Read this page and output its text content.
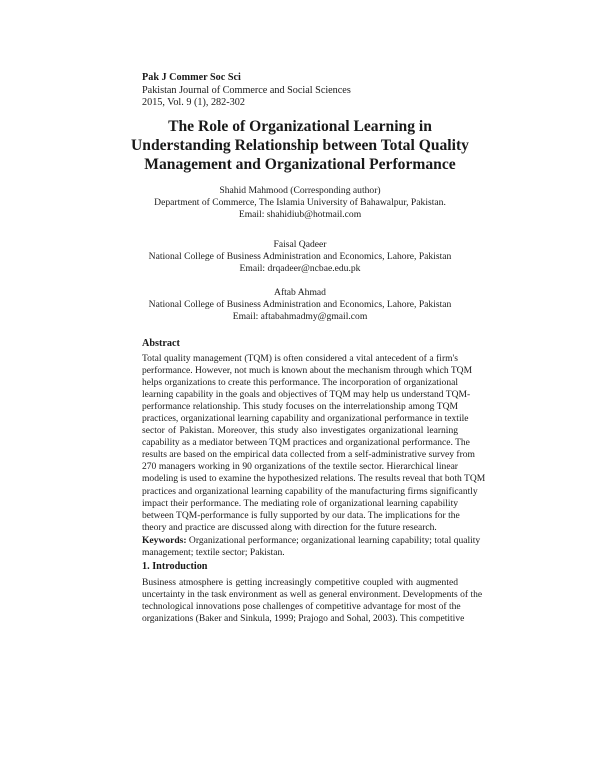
Pak J Commer Soc Sci
Pakistan Journal of Commerce and Social Sciences
2015, Vol. 9 (1), 282-302
The Role of Organizational Learning in
Understanding Relationship between Total Quality
Management and Organizational Performance
Shahid Mahmood (Corresponding author)
Department of Commerce, The Islamia University of Bahawalpur, Pakistan.
Email: shahidiub@hotmail.com
Faisal Qadeer
National College of Business Administration and Economics, Lahore, Pakistan
Email: drqadeer@ncbae.edu.pk
Aftab Ahmad
National College of Business Administration and Economics, Lahore, Pakistan
Email: aftabahmadmy@gmail.com
Abstract
Total quality management (TQM) is often considered a vital antecedent of a firm's
performance. However, not much is known about the mechanism through which TQM
helps organizations to create this performance. The incorporation of organizational
learning capability in the goals and objectives of TQM may help us understand TQM-
performance relationship. This study focuses on the interrelationship among TQM
practices, organizational learning capability and organizational performance in textile
sector of Pakistan. Moreover, this study also investigates organizational learning
capability as a mediator between TQM practices and organizational performance. The
results are based on the empirical data collected from a self-administrative survey from
270 managers working in 90 organizations of the textile sector. Hierarchical linear
modeling is used to examine the hypothesized relations. The results reveal that both TQM
practices and organizational learning capability of the manufacturing firms significantly
impact their performance. The mediating role of organizational learning capability
between TQM-performance is fully supported by our data. The implications for the
theory and practice are discussed along with direction for the future research.
Keywords: Organizational performance; organizational learning capability; total quality
management; textile sector; Pakistan.
1. Introduction
Business atmosphere is getting increasingly competitive coupled with augmented
uncertainty in the task environment as well as general environment. Developments of the
technological innovations pose challenges of competitive advantage for most of the
organizations (Baker and Sinkula, 1999; Prajogo and Sohal, 2003). This competitive
